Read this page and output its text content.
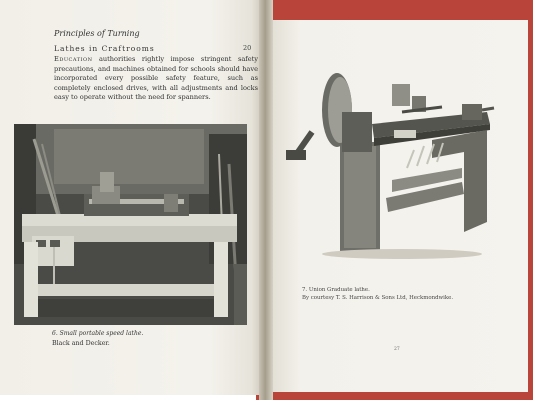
Principles of Turning
Lathes in Craftrooms	20
Education authorities rightly impose stringent safety precautions, and machines obtained for schools should have incorporated every possible safety feature, such as completely enclosed drives, with all adjustments and locks easy to operate without the need for spanners.
6. Small portable speed lathe.
Black and Decker.
7. Union Graduate lathe.
By courtesy T. S. Harrison & Sons Ltd, Heckmondwike.
27
